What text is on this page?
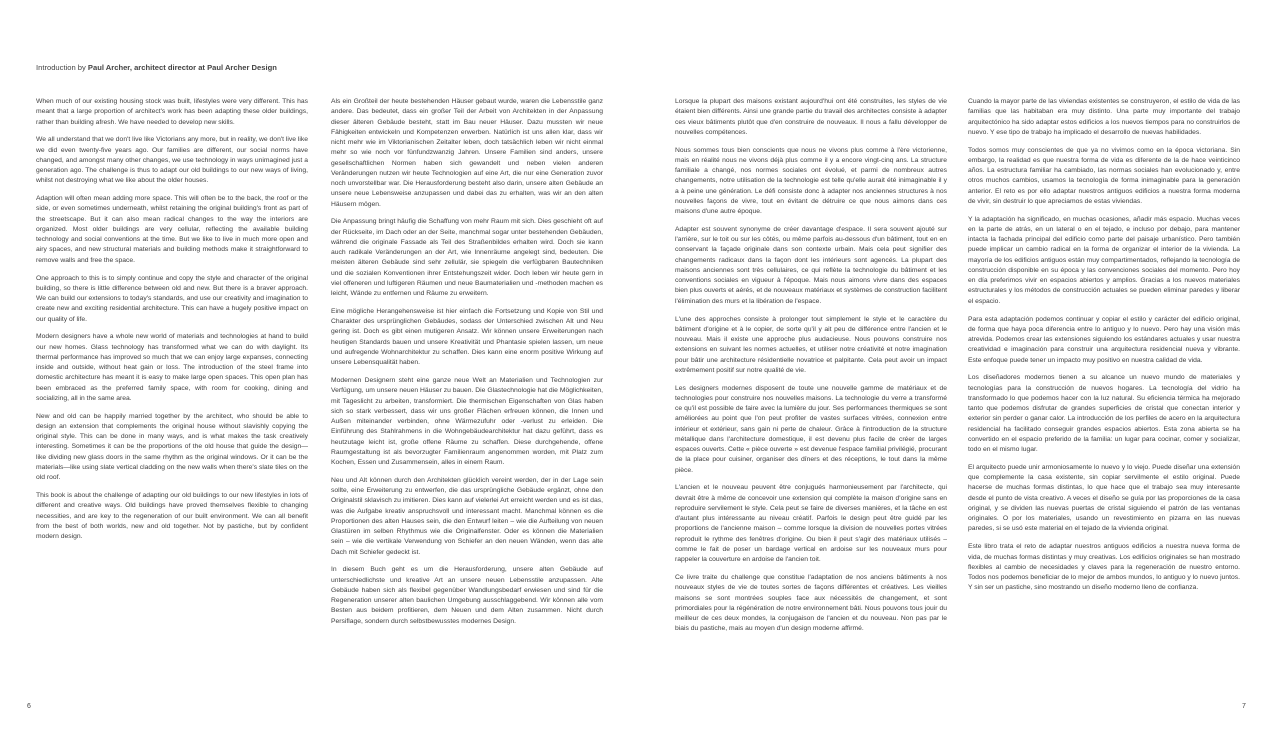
Introduction by Paul Archer, architect director at Paul Archer Design

When much of our existing housing stock was built, lifestyles were very different. This has meant that a large proportion of architect's work has been adapting these older buildings, rather than building afresh. We have needed to develop new skills.

We all understand that we don't live like Victorians any more, but in reality, we don't live like we did even twenty-five years ago. Our families are different, our social norms have changed, and amongst many other changes, we use technology in ways unimagined just a generation ago. The challenge is thus to adapt our old buildings to our new ways of living, whilst not destroying what we like about the older houses.

Adaption will often mean adding more space. This will often be to the back, the roof or the side, or even sometimes underneath, whilst retaining the original building's front as part of the streetscape. But it can also mean radical changes to the way the interiors are organized. Most older buildings are very cellular, reflecting the available building technology and social conventions at the time. But we like to live in much more open and airy spaces, and new structural materials and building methods make it straightforward to remove walls and free the space.

One approach to this is to simply continue and copy the style and character of the original building, so there is little difference between old and new. But there is a braver approach. We can build our extensions to today's standards, and use our creativity and imagination to create new and exciting residential architecture. This can have a hugely positive impact on our quality of life.

Modern designers have a whole new world of materials and technologies at hand to build our new homes. Glass technology has transformed what we can do with daylight. Its thermal performance has improved so much that we can enjoy large expanses, connecting inside and outside, without heat gain or loss. The introduction of the steel frame into domestic architecture has meant it is easy to make large open spaces. This open plan has been embraced as the preferred family space, with room for cooking, dining and socializing, all in the same area.

New and old can be happily married together by the architect, who should be able to design an extension that complements the original house without slavishly copying the original style. This can be done in many ways, and is what makes the task creatively interesting. Sometimes it can be the proportions of the old house that guide the design—like dividing new glass doors in the same rhythm as the original windows. Or it can be the materials—like using slate vertical cladding on the new walls when there's slate tiles on the old roof.

This book is about the challenge of adapting our old buildings to our new lifestyles in lots of different and creative ways. Old buildings have proved themselves flexible to changing necessities, and are key to the regeneration of our built environment. We can all benefit from the best of both worlds, new and old together. Not by pastiche, but by confident modern design.

Als ein Großteil der heute bestehenden Häuser gebaut wurde, waren die Lebensstile ganz andere. Das bedeutet, dass ein großer Teil der Arbeit von Architekten in der Anpassung dieser älteren Gebäude besteht, statt im Bau neuer Häuser. Dazu mussten wir neue Fähigkeiten entwickeln und Kompetenzen erwerben. Natürlich ist uns allen klar, dass wir nicht mehr wie im Viktorianischen Zeitalter leben, doch tatsächlich leben wir nicht einmal mehr so wie noch vor fünfundzwanzig Jahren. Unsere Familien sind anders, unsere gesellschaftlichen Normen haben sich gewandelt und neben vielen anderen Veränderungen nutzen wir heute Technologien auf eine Art, die nur eine Generation zuvor noch unvorstellbar war. Die Herausforderung besteht also darin, unsere alten Gebäude an unsere neue Lebensweise anzupassen und dabei das zu erhalten, was wir an den alten Häusern mögen.

Die Anpassung bringt häufig die Schaffung von mehr Raum mit sich. Dies geschieht oft auf der Rückseite, im Dach oder an der Seite, manchmal sogar unter bestehenden Gebäuden, während die originale Fassade als Teil des Straßenbildes erhalten wird. Doch sie kann auch radikale Veränderungen an der Art, wie Innenräume angelegt sind, bedeuten. Die meisten älteren Gebäude sind sehr zellulär, sie spiegeln die verfügbaren Bautechniken und die sozialen Konventionen ihrer Entstehungszeit wider. Doch leben wir heute gern in viel offeneren und luftigeren Räumen und neue Baumaterialien und -methoden machen es leicht, Wände zu entfernen und Räume zu erweitern.

Eine mögliche Herangehensweise ist hier einfach die Fortsetzung und Kopie von Stil und Charakter des ursprünglichen Gebäudes, sodass der Unterschied zwischen Alt und Neu gering ist. Doch es gibt einen mutigeren Ansatz. Wir können unsere Erweiterungen nach heutigen Standards bauen und unsere Kreativität und Phantasie spielen lassen, um neue und aufregende Wohnarchitektur zu schaffen. Dies kann eine enorm positive Wirkung auf unsere Lebensqualität haben.

Modernen Designern steht eine ganze neue Welt an Materialien und Technologien zur Verfügung, um unsere neuen Häuser zu bauen. Die Glastechnologie hat die Möglichkeiten, mit Tageslicht zu arbeiten, transformiert. Die thermischen Eigenschaften von Glas haben sich so stark verbessert, dass wir uns großer Flächen erfreuen können, die Innen und Außen miteinander verbinden, ohne Wärmezufuhr oder -verlust zu erleiden. Die Einführung des Stahlrahmens in die Wohngebäudearchitektur hat dazu geführt, dass es heutzutage leicht ist, große offene Räume zu schaffen. Diese durchgehende, offene Raumgestaltung ist als bevorzugter Familienraum angenommen worden, mit Platz zum Kochen, Essen und Zusammensein, alles in einem Raum.

Neu und Alt können durch den Architekten glücklich vereint werden, der in der Lage sein sollte, eine Erweiterung zu entwerfen, die das ursprüngliche Gebäude ergänzt, ohne den Originalstil sklavisch zu imitieren. Dies kann auf vielerlei Art erreicht werden und es ist das, was die Aufgabe kreativ anspruchsvoll und interessant macht. Manchmal können es die Proportionen des alten Hauses sein, die den Entwurf leiten – wie die Aufteilung von neuen Glastüren im selben Rhythmus wie die Originalfenster. Oder es können die Materialien sein – wie die vertikale Verwendung von Schiefer an den neuen Wänden, wenn das alte Dach mit Schiefer gedeckt ist.

In diesem Buch geht es um die Herausforderung, unsere alten Gebäude auf unterschiedlichste und kreative Art an unsere neuen Lebensstile anzupassen. Alte Gebäude haben sich als flexibel gegenüber Wandlungsbedarf erwiesen und sind für die Regeneration unserer alten baulichen Umgebung ausschlaggebend. Wir können alle vom Besten aus beidem profitieren, dem Neuen und dem Alten zusammen. Nicht durch Persiflage, sondern durch selbstbewusstes modernes Design.

Lorsque la plupart des maisons existant aujourd'hui ont été construites, les styles de vie étaient bien différents. Ainsi une grande partie du travail des architectes consiste à adapter ces vieux bâtiments plutôt que d'en construire de nouveaux. Il nous a fallu développer de nouvelles compétences.

Nous sommes tous bien conscients que nous ne vivons plus comme à l'ère victorienne, mais en réalité nous ne vivons déjà plus comme il y a encore vingt-cinq ans. La structure familiale a changé, nos normes sociales ont évolué, et parmi de nombreux autres changements, notre utilisation de la technologie est telle qu'elle aurait été inimaginable il y a à peine une génération. Le défi consiste donc à adapter nos anciennes structures à nos nouvelles façons de vivre, tout en évitant de détruire ce que nous aimons dans ces maisons d'une autre époque.

Adapter est souvent synonyme de créer davantage d'espace. Il sera souvent ajouté sur l'arrière, sur le toit ou sur les côtés, ou même parfois au-dessous d'un bâtiment, tout en en conservant la façade originale dans son contexte urbain. Mais cela peut signifier des changements radicaux dans la façon dont les intérieurs sont agencés. La plupart des maisons anciennes sont très cellulaires, ce qui reflète la technologie du bâtiment et les conventions sociales en vigueur à l'époque. Mais nous aimons vivre dans des espaces bien plus ouverts et aérés, et de nouveaux matériaux et systèmes de construction facilitent l'élimination des murs et la libération de l'espace.

L'une des approches consiste à prolonger tout simplement le style et le caractère du bâtiment d'origine et à le copier, de sorte qu'il y ait peu de différence entre l'ancien et le nouveau. Mais il existe une approche plus audacieuse. Nous pouvons construire nos extensions en suivant les normes actuelles, et utiliser notre créativité et notre imagination pour bâtir une architecture résidentielle novatrice et palpitante. Cela peut avoir un impact extrêmement positif sur notre qualité de vie.

Les designers modernes disposent de toute une nouvelle gamme de matériaux et de technologies pour construire nos nouvelles maisons. La technologie du verre a transformé ce qu'il est possible de faire avec la lumière du jour. Ses performances thermiques se sont améliorées au point que l'on peut profiter de vastes surfaces vitrées, connexion entre intérieur et extérieur, sans gain ni perte de chaleur. Grâce à l'introduction de la structure métallique dans l'architecture domestique, il est devenu plus facile de créer de larges espaces ouverts. Cette « pièce ouverte » est devenue l'espace familial privilégié, procurant de la place pour cuisiner, organiser des dîners et des réceptions, le tout dans la même pièce.

L'ancien et le nouveau peuvent être conjugués harmonieusement par l'architecte, qui devrait être à même de concevoir une extension qui complète la maison d'origine sans en reproduire servilement le style. Cela peut se faire de diverses manières, et la tâche en est d'autant plus intéressante au niveau créatif. Parfois le design peut être guidé par les proportions de l'ancienne maison – comme lorsque la division de nouvelles portes vitrées reproduit le rythme des fenêtres d'origine. Ou bien il peut s'agir des matériaux utilisés – comme le fait de poser un bardage vertical en ardoise sur les nouveaux murs pour rappeler la couverture en ardoise de l'ancien toit.

Ce livre traite du challenge que constitue l'adaptation de nos anciens bâtiments à nos nouveaux styles de vie de toutes sortes de façons différentes et créatives. Les vieilles maisons se sont montrées souples face aux nécessités de changement, et sont primordiales pour la régénération de notre environnement bâti. Nous pouvons tous jouir du meilleur de ces deux mondes, la conjugaison de l'ancien et du nouveau. Non pas par le biais du pastiche, mais au moyen d'un design moderne affirmé.

Cuando la mayor parte de las viviendas existentes se construyeron, el estilo de vida de las familias que las habitaban era muy distinto. Una parte muy importante del trabajo arquitectónico ha sido adaptar estos edificios a los nuevos tiempos para no construirlos de nuevo. Y ese tipo de trabajo ha implicado el desarrollo de nuevas habilidades.

Todos somos muy conscientes de que ya no vivimos como en la época victoriana. Sin embargo, la realidad es que nuestra forma de vida es diferente de la de hace veinticinco años. La estructura familiar ha cambiado, las normas sociales han evolucionado y, entre otros muchos cambios, usamos la tecnología de forma inimaginable para la generación anterior. El reto es por ello adaptar nuestros antiguos edificios a nuestra forma moderna de vivir, sin destruir lo que apreciamos de estas viviendas.

Y la adaptación ha significado, en muchas ocasiones, añadir más espacio. Muchas veces en la parte de atrás, en un lateral o en el tejado, e incluso por debajo, para mantener intacta la fachada principal del edificio como parte del paisaje urbanístico. Pero también puede implicar un cambio radical en la forma de organizar el interior de la vivienda. La mayoría de los edificios antiguos están muy compartimentados, reflejando la tecnología de construcción disponible en su época y las convenciones sociales del momento. Pero hoy en día preferimos vivir en espacios abiertos y amplios. Gracias a los nuevos materiales estructurales y los métodos de construcción actuales se pueden eliminar paredes y liberar el espacio.

Para esta adaptación podemos continuar y copiar el estilo y carácter del edificio original, de forma que haya poca diferencia entre lo antiguo y lo nuevo. Pero hay una visión más atrevida. Podemos crear las extensiones siguiendo los estándares actuales y usar nuestra creatividad e imaginación para construir una arquitectura residencial nueva y vibrante. Este enfoque puede tener un impacto muy positivo en nuestra calidad de vida.

Los diseñadores modernos tienen a su alcance un nuevo mundo de materiales y tecnologías para la construcción de nuevos hogares. La tecnología del vidrio ha transformado lo que podemos hacer con la luz natural. Su eficiencia térmica ha mejorado tanto que podemos disfrutar de grandes superficies de cristal que conectan interior y exterior sin perder o ganar calor. La introducción de los perfiles de acero en la arquitectura residencial ha facilitado conseguir grandes espacios abiertos. Esta zona abierta se ha convertido en el espacio preferido de la familia: un lugar para cocinar, comer y socializar, todo en el mismo lugar.

El arquitecto puede unir armoniosamente lo nuevo y lo viejo. Puede diseñar una extensión que complemente la casa existente, sin copiar servilmente el estilo original. Puede hacerse de muchas formas distintas, lo que hace que el trabajo sea muy interesante desde el punto de vista creativo. A veces el diseño se guía por las proporciones de la casa original, y se dividen las nuevas puertas de cristal siguiendo el patrón de las ventanas originales. O por los materiales, usando un revestimiento en pizarra en las nuevas paredes, si se usó este material en el tejado de la vivienda original.

Este libro trata el reto de adaptar nuestros antiguos edificios a nuestra nueva forma de vida, de muchas formas distintas y muy creativas. Los edificios originales se han mostrado flexibles al cambio de necesidades y claves para la regeneración de nuestro entorno. Todos nos podemos beneficiar de lo mejor de ambos mundos, lo antiguo y lo nuevo juntos. Y sin ser un pastiche, sino mostrando un diseño moderno lleno de confianza.

6	7
